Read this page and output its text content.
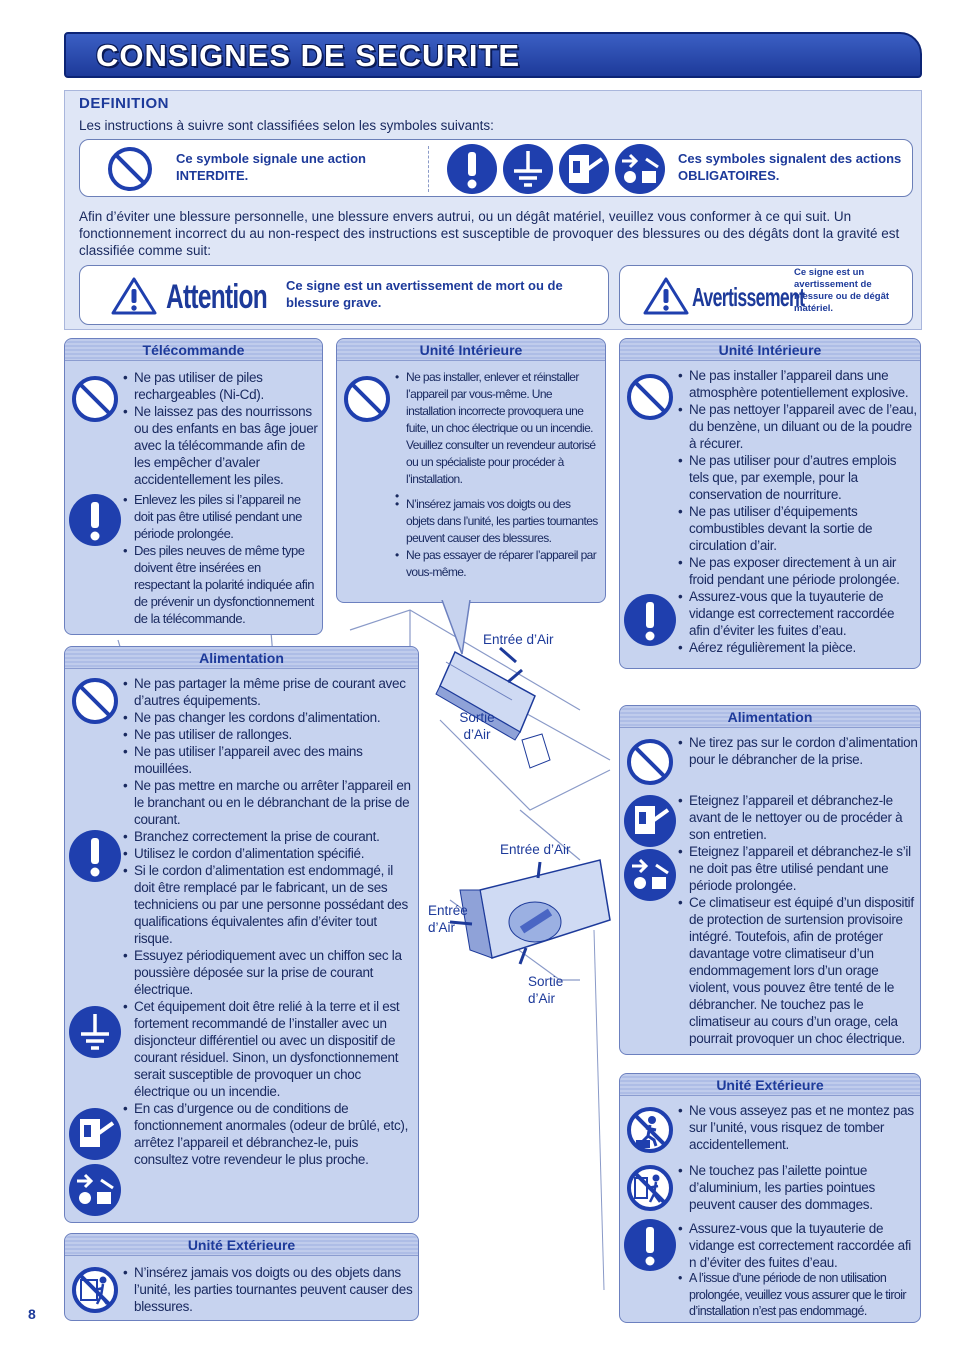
CONSIGNES DE SECURITE
DEFINITION
Les instructions à suivre sont classifiées selon les symboles suivants:
Ce symbole signale une action INTERDITE.
Ces symboles signalent des actions OBLIGATOIRES.
Afin d’éviter une blessure personnelle, une blessure envers autrui, ou un dégât matériel, veuillez vous conformer à ce qui suit. Un fonctionnement incorrect du au non-respect des instructions est susceptible de provoquer des blessures ou des dégâts dont la gravité est classifiée comme suit:
Attention Ce signe est un avertissement de mort ou de blessure grave.	Avertissement
Ce signe est un avertissement de blessure ou de dégât matériel.
Entrée d’Air
Sortie d’Air
Entrée d’Air
Entrée d’Air
Sortie d’Air
Télécommande
• Ne pas utiliser de piles rechargeables (Ni-Cd).
• Ne laissez pas des nourrissons ou des enfants en bas âge jouer avec la télécommande afin de les empêcher d’avaler accidentellement les piles.
• Enlevez les piles si l’appareil ne doit pas être utilisé pendant une période prolongée.
• Des piles neuves de même type doivent être insérées en respectant la polarité indiquée afin de prévenir un dysfonctionnement de la télécommande.
Unité Intérieure
• Ne pas installer, enlever et réinstaller l’appareil par vous-même. Une installation incorrecte provoquera une fuite, un choc électrique ou un incendie. Veuillez consulter un revendeur autorisé ou un spécialiste pour procéder à l’installation.
•
• N’insérez jamais vos doigts ou des objets dans l’unité, les parties tournantes peuvent causer des blessures.
• Ne pas essayer de réparer l’appareil par vous-même.
Unité Intérieure
• Ne pas installer l’appareil dans une atmosphère potentiellement explosive.
• Ne pas nettoyer l’appareil avec de l’eau, du benzène, un diluant ou de la poudre à récurer.
• Ne pas utiliser pour d’autres emplois tels que, par exemple, pour la conservation de nourriture.
• Ne pas utiliser d’équipements combustibles devant la sortie de circulation d’air.
• Ne pas exposer directement à un air froid pendant une période prolongée.
• Assurez-vous que la tuyauterie de vidange est correctement raccordée afin d’éviter les fuites d’eau.
• Aérez régulièrement la pièce.
Alimentation
• Ne pas partager la même prise de courant avec d’autres équipements.
• Ne pas changer les cordons d’alimentation.
• Ne pas utiliser de rallonges.
• Ne pas utiliser l’appareil avec des mains mouillées.
• Ne pas mettre en marche ou arrêter l’appareil en le branchant ou en le débranchant de la prise de courant.
• Branchez correctement la prise de courant.
• Utilisez le cordon d’alimentation spécifié.
• Si le cordon d’alimentation est endommagé, il doit être remplacé par le fabricant, un de ses techniciens ou par une personne possédant des qualifications équivalentes afin d’éviter tout risque.
• Essuyez périodiquement avec un chiffon sec la poussière déposée sur la prise de courant électrique.
• Cet équipement doit être relié à la terre et il est fortement recommandé de l’installer avec un disjoncteur différentiel ou avec un dispositif de courant résiduel. Sinon, un dysfonctionnement serait susceptible de provoquer un choc électrique ou un incendie.
• En cas d’urgence ou de conditions de fonctionnement anormales (odeur de brûlé, etc), arrêtez l’appareil et débranchez-le, puis consultez votre revendeur le plus proche.
Alimentation
• Ne tirez pas sur le cordon d’alimentation pour le débrancher de la prise.
• Eteignez l’appareil et débranchez-le avant de le nettoyer ou de procéder à son entretien.
• Eteignez l’appareil et débranchez-le s’il ne doit pas être utilisé pendant une période prolongée.
• Ce climatiseur est équipé d’un dispositif de protection de surtension provisoire intégré. Toutefois, afin de protéger davantage votre climatiseur d’un endommagement lors d’un orage violent, vous pouvez être tenté de le débrancher. Ne touchez pas le climatiseur au cours d’un orage, cela pourrait provoquer un choc électrique.
Unité Extérieure
• Ne vous asseyez pas et ne montez pas sur l’unité, vous risquez de tomber accidentellement.
• Ne touchez pas l’ailette pointue d’aluminium, les parties pointues peuvent causer des dommages.
• Assurez-vous que la tuyauterie de vidange est correctement raccordée afi n d’éviter des fuites d’eau.
• A l’issue d’une période de non utilisation prolongée, veuillez vous assurer que le tiroir d’installation n’est pas endommagé.
Unité Extérieure
• N’insérez jamais vos doigts ou des objets dans l’unité, les parties tournantes peuvent causer des blessures.
8
